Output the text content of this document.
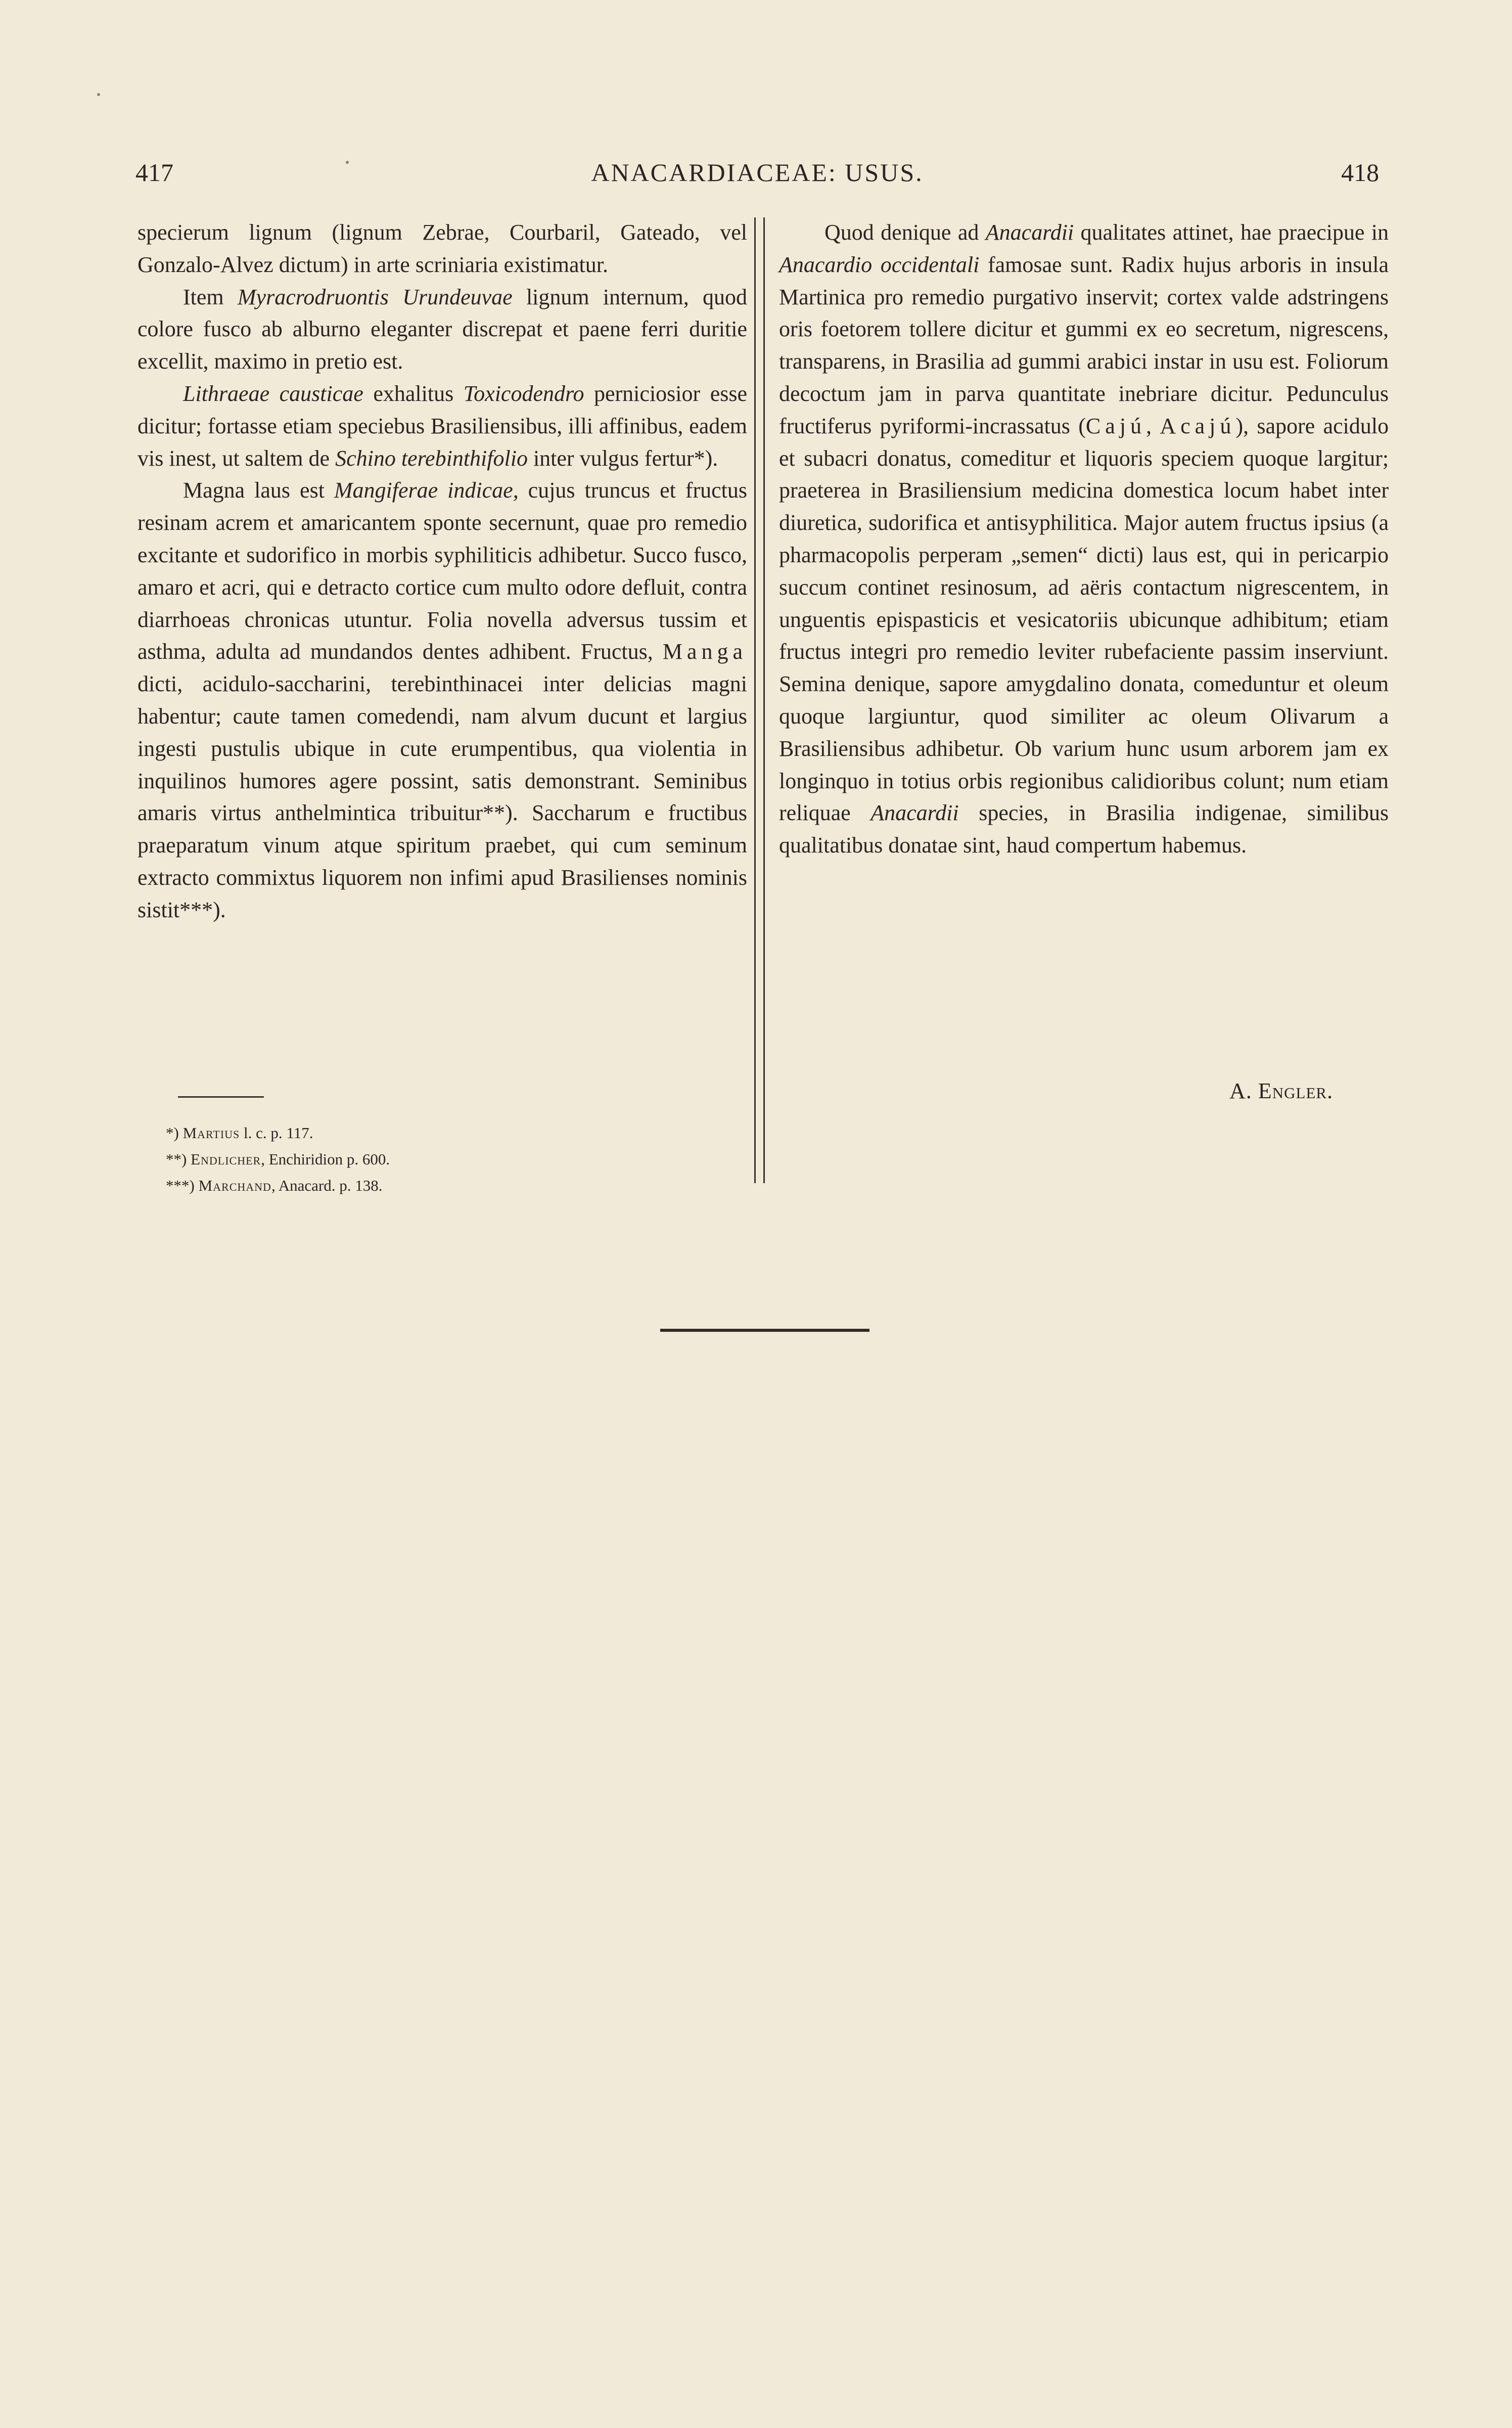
417	ANACARDIACEAE: USUS.	418

specierum lignum (lignum Zebrae, Courbaril, Gateado, vel Gonzalo-Alvez dictum) in arte scriniaria existimatur.

Item Myracrodruontis Urundeuvae lignum internum, quod colore fusco ab alburno eleganter discrepat et paene ferri duritie excellit, maximo in pretio est.

Lithraeae causticae exhalitus Toxicodendro perniciosior esse dicitur; fortasse etiam speciebus Brasiliensibus, illi affinibus, eadem vis inest, ut saltem de Schino terebinthifolio inter vulgus fertur*).

Magna laus est Mangiferae indicae, cujus truncus et fructus resinam acrem et amaricantem sponte secernunt, quae pro remedio excitante et sudorifico in morbis syphiliticis adhibetur. Succo fusco, amaro et acri, qui e detracto cortice cum multo odore defluit, contra diarrhoeas chronicas utuntur. Folia novella adversus tussim et asthma, adulta ad mundandos dentes adhibent. Fructus, Manga dicti, acidulo-saccharini, terebinthinacei inter delicias magni habentur; caute tamen comedendi, nam alvum ducunt et largius ingesti pustulis ubique in cute erumpentibus, qua violentia in inquilinos humores agere possint, satis demonstrant. Seminibus amaris virtus anthelmintica tribuitur**). Saccharum e fructibus praeparatum vinum atque spiritum praebet, qui cum seminum extracto commixtus liquorem non infimi apud Brasilienses nominis sistit***).

*) Martius l. c. p. 117.
**) Endlicher, Enchiridion p. 600.
***) Marchand, Anacard. p. 138.

Quod denique ad Anacardii qualitates attinet, hae praecipue in Anacardio occidentali famosae sunt. Radix hujus arboris in insula Martinica pro remedio purgativo inservit; cortex valde adstringens oris foetorem tollere dicitur et gummi ex eo secretum, nigrescens, transparens, in Brasilia ad gummi arabici instar in usu est. Foliorum decoctum jam in parva quantitate inebriare dicitur. Pedunculus fructiferus pyriformi-incrassatus (Cajú, Acajú), sapore acidulo et subacri donatus, comeditur et liquoris speciem quoque largitur; praeterea in Brasiliensium medicina domestica locum habet inter diuretica, sudorifica et antisyphilitica. Major autem fructus ipsius (a pharmacopolis perperam „semen“ dicti) laus est, qui in pericarpio succum continet resinosum, ad aëris contactum nigrescentem, in unguentis epispasticis et vesicatoriis ubicunque adhibitum; etiam fructus integri pro remedio leviter rubefaciente passim inserviunt. Semina denique, sapore amygdalino donata, comeduntur et oleum quoque largiuntur, quod similiter ac oleum Olivarum a Brasiliensibus adhibetur. Ob varium hunc usum arborem jam ex longinquo in totius orbis regionibus calidioribus colunt; num etiam reliquae Anacardii species, in Brasilia indigenae, similibus qualitatibus donatae sint, haud compertum habemus.

A. Engler.
